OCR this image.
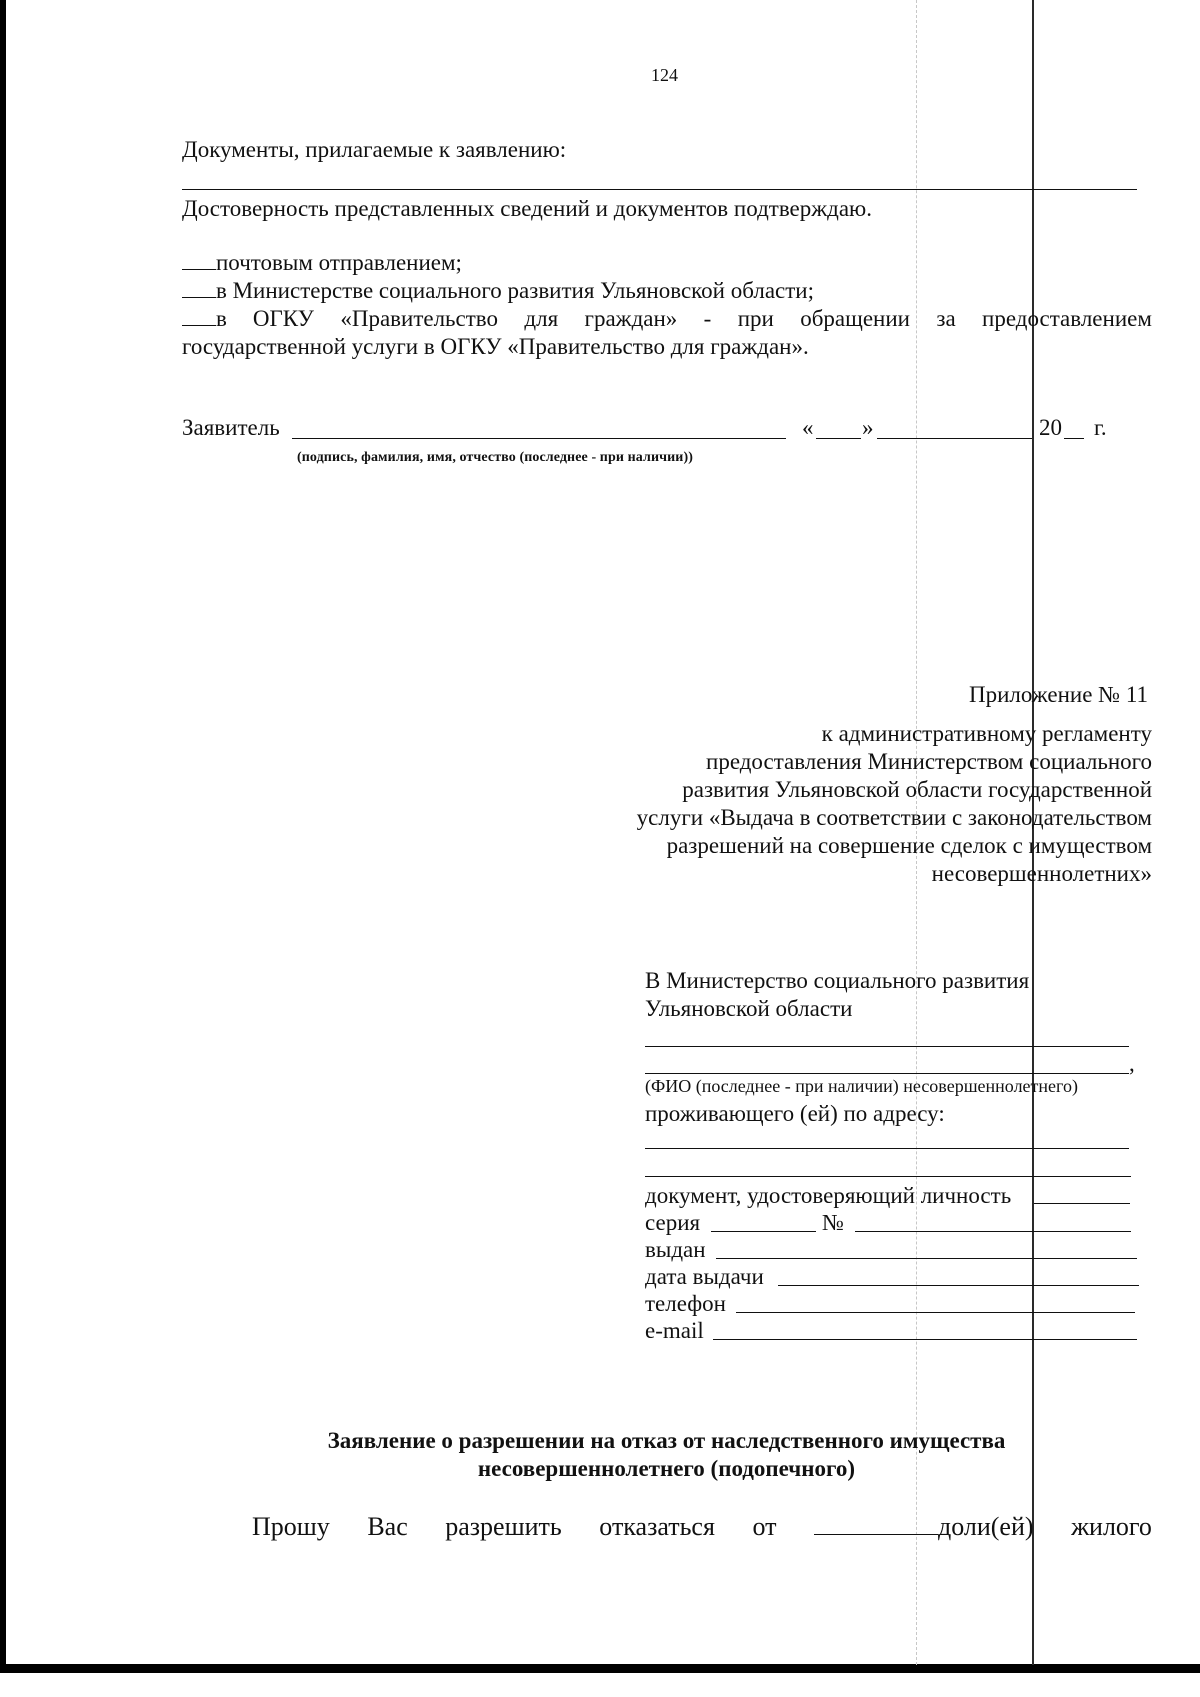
124
Документы, прилагаемые к заявлению:
Достоверность представленных сведений и документов подтверждаю.
почтовым отправлением;
в Министерстве социального развития Ульяновской области;
в ОГКУ «Правительство для граждан» - при обращении за предоставлением
государственной услуги в ОГКУ «Правительство для граждан».
Заявитель	« »	20 г.
(подпись, фамилия, имя, отчество (последнее - при наличии))
Приложение № 11
к административному регламенту
предоставления Министерством социального
развития Ульяновской области государственной
услуги «Выдача в соответствии с законодательством
разрешений на совершение сделок с имуществом
несовершеннолетних»
В Министерство социального развития
Ульяновской области
,
(ФИО (последнее - при наличии) несовершеннолетнего)
проживающего (ей) по адресу:
документ, удостоверяющий личность
серия	№
выдан
дата выдачи
телефон
e-mail
Заявление о разрешении на отказ от наследственного имущества
несовершеннолетнего (подопечного)
Прошу Вас разрешить отказаться от	доли(ей) жилого
